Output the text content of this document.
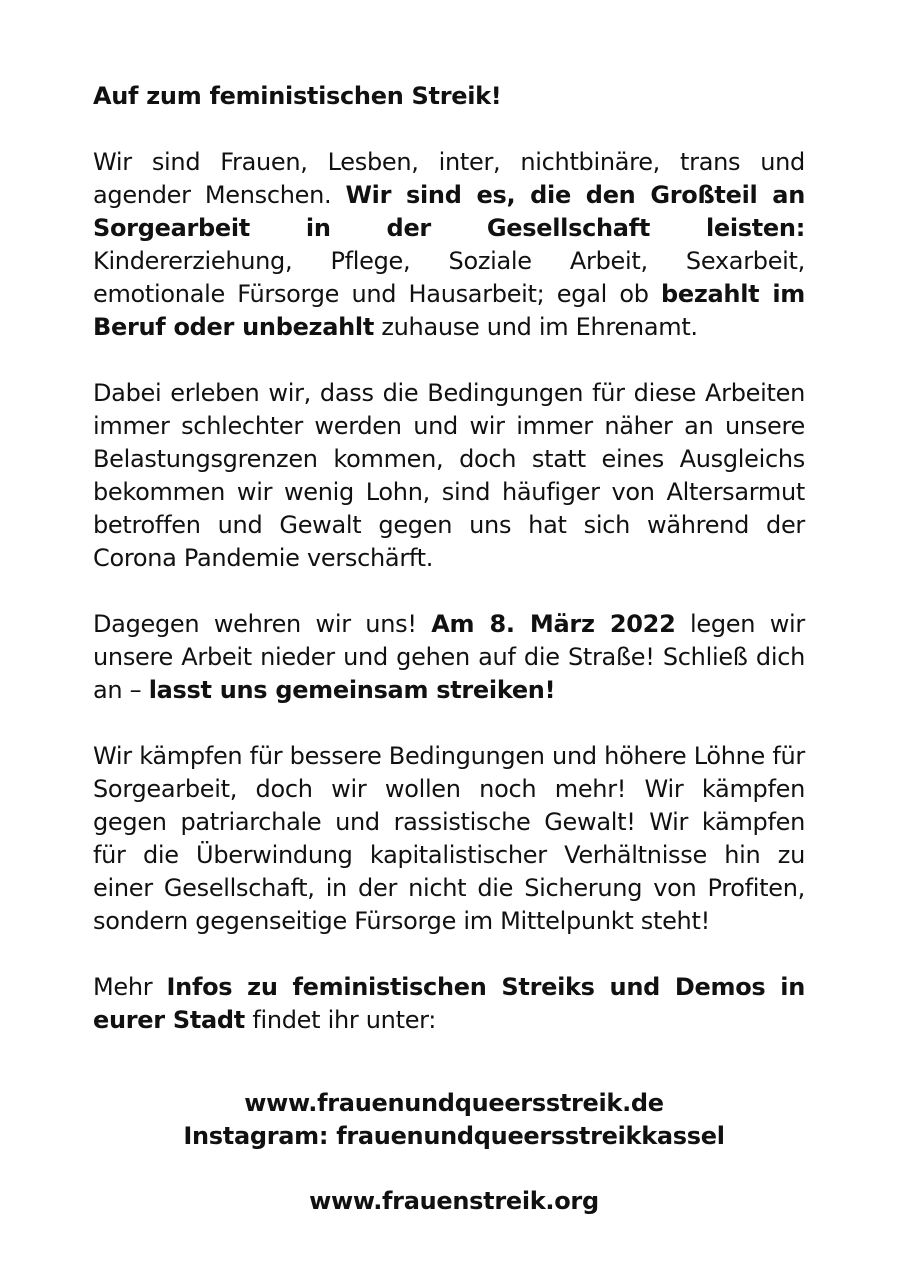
Auf zum feministischen Streik!

Wir sind Frauen, Lesben, inter, nichtbinäre, trans und agender Menschen. Wir sind es, die den Großteil an Sorgearbeit in der Gesellschaft leisten: Kindererziehung, Pflege, Soziale Arbeit, Sexarbeit, emotionale Fürsorge und Hausarbeit; egal ob bezahlt im Beruf oder unbezahlt zuhause und im Ehrenamt.

Dabei erleben wir, dass die Bedingungen für diese Arbeiten immer schlechter werden und wir immer näher an unsere Belastungsgrenzen kommen, doch statt eines Ausgleichs bekommen wir wenig Lohn, sind häufiger von Altersarmut betroffen und Gewalt gegen uns hat sich während der Corona Pandemie verschärft.

Dagegen wehren wir uns! Am 8. März 2022 legen wir unsere Arbeit nieder und gehen auf die Straße! Schließ dich an – lasst uns gemeinsam streiken!

Wir kämpfen für bessere Bedingungen und höhere Löhne für Sorgearbeit, doch wir wollen noch mehr! Wir kämpfen gegen patriarchale und rassistische Gewalt! Wir kämpfen für die Überwindung kapitalistischer Verhältnisse hin zu einer Gesellschaft, in der nicht die Sicherung von Profiten, sondern gegenseitige Fürsorge im Mittelpunkt steht!

Mehr Infos zu feministischen Streiks und Demos in eurer Stadt findet ihr unter:

www.frauenundqueersstreik.de
Instagram: frauenundqueersstreikkassel
www.frauenstreik.org
